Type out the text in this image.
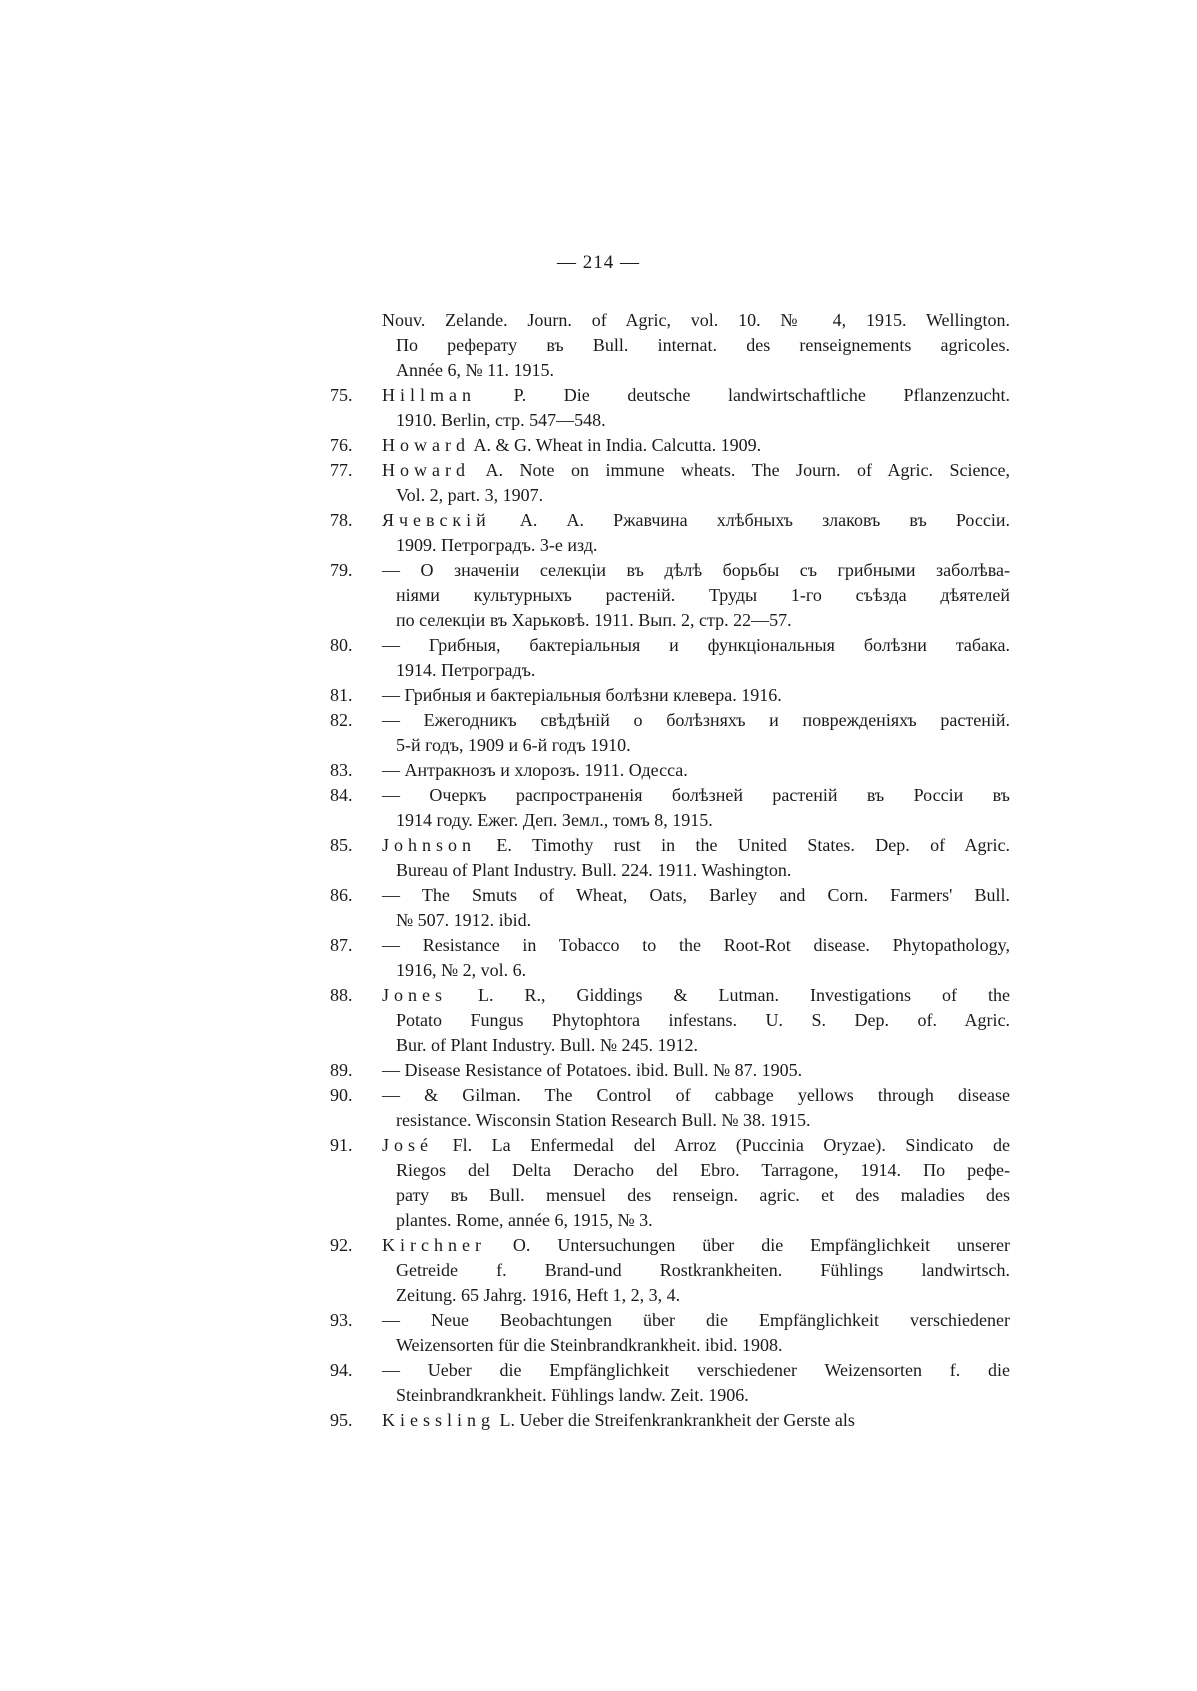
— 214 —
Nouv. Zelande. Journ. of Agric, vol. 10. № 4, 1915. Wellington.
По реферату въ Bull. internat. des renseignements agricoles.
Année 6, № 11. 1915.
75.	Hillman P. Die deutsche landwirtschaftliche Pflanzenzucht.
1910. Berlin, стр. 547—548.
76.	Howard A. & G. Wheat in India. Calcutta. 1909.
77.	Howard A. Note on immune wheats. The Journ. of Agric. Science,
Vol. 2, part. 3, 1907.
78.	Ячевскій А. А. Ржавчина хлѣбныхъ злаковъ въ Россіи.
1909. Петроградъ. 3-е изд.
79.	— О значеніи селекціи въ дѣлѣ борьбы съ грибными заболѣва-
ніями культурныхъ растеній. Труды 1-го съѣзда дѣятелей
по селекціи въ Харьковѣ. 1911. Вып. 2, стр. 22—57.
80.	— Грибныя, бактеріальныя и функціональныя болѣзни табака.
1914. Петроградъ.
81.	— Грибныя и бактеріальныя болѣзни клевера. 1916.
82.	— Ежегодникъ свѣдѣній о болѣзняхъ и поврежденіяхъ растеній.
5-й годъ, 1909 и 6-й годъ 1910.
83.	— Антракнозъ и хлорозъ. 1911. Одесса.
84.	— Очеркъ распространенія болѣзней растеній въ Россіи въ
1914 году. Ежег. Деп. Земл., томъ 8, 1915.
85.	Johnson E. Timothy rust in the United States. Dep. of Agric.
Bureau of Plant Industry. Bull. 224. 1911. Washington.
86.	— The Smuts of Wheat, Oats, Barley and Corn. Farmers' Bull.
№ 507. 1912. ibid.
87.	— Resistance in Tobacco to the Root-Rot disease. Phytopathology,
1916, № 2, vol. 6.
88.	Jones L. R., Giddings & Lutman. Investigations of the
Potato Fungus Phytophtora infestans. U. S. Dep. of. Agric.
Bur. of Plant Industry. Bull. № 245. 1912.
89.	— Disease Resistance of Potatoes. ibid. Bull. № 87. 1905.
90.	— & Gilman. The Control of cabbage yellows through disease
resistance. Wisconsin Station Research Bull. № 38. 1915.
91.	José Fl. La Enfermedal del Arroz (Puccinia Oryzae). Sindicato de
Riegos del Delta Deracho del Ebro. Tarragone, 1914. По рефе-
рату въ Bull. mensuel des renseign. agric. et des maladies des
plantes. Rome, année 6, 1915, № 3.
92.	Kirchner O. Untersuchungen über die Empfänglichkeit unserer
Getreide f. Brand-und Rostkrankheiten. Fühlings landwirtsch.
Zeitung. 65 Jahrg. 1916, Heft 1, 2, 3, 4.
93.	— Neue Beobachtungen über die Empfänglichkeit verschiedener
Weizensorten für die Steinbrandkrankheit. ibid. 1908.
94.	— Ueber die Empfänglichkeit verschiedener Weizensorten f. die
Steinbrandkrankheit. Fühlings landw. Zeit. 1906.
95.	Kiessling L. Ueber die Streifenkrankrankheit der Gerste als
